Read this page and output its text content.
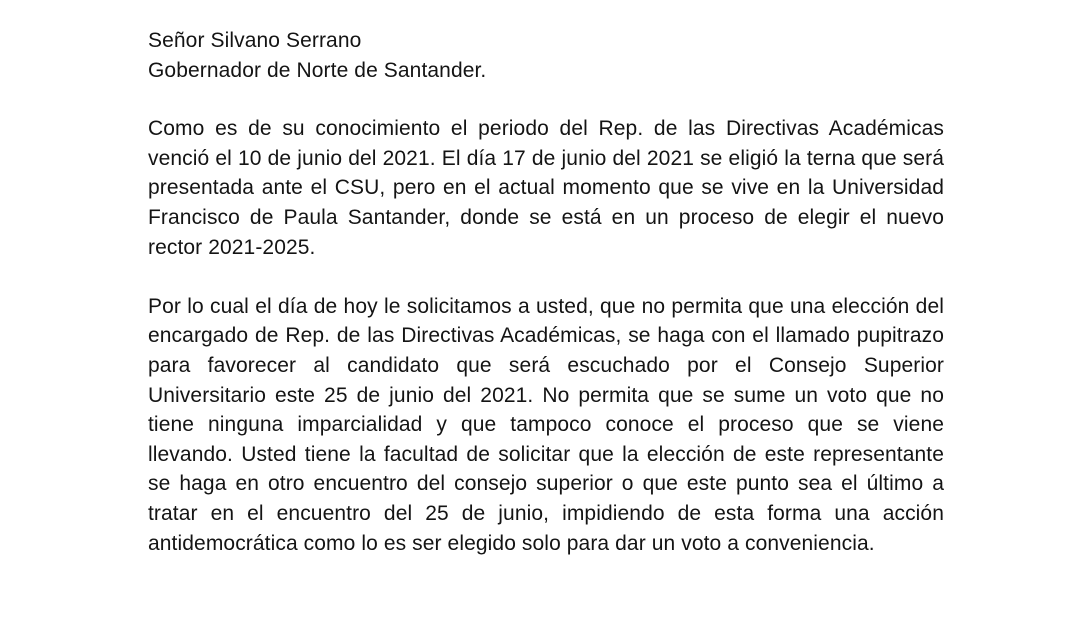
Señor Silvano Serrano
Gobernador de Norte de Santander.

Como es de su conocimiento el periodo del Rep. de las Directivas Académicas venció el 10 de junio del 2021. El día 17 de junio del 2021 se eligió la terna que será presentada ante el CSU, pero en el actual momento que se vive en la Universidad Francisco de Paula Santander, donde se está en un proceso de elegir el nuevo rector 2021-2025.

Por lo cual el día de hoy le solicitamos a usted, que no permita que una elección del encargado de Rep. de las Directivas Académicas, se haga con el llamado pupitrazo para favorecer al candidato que será escuchado por el Consejo Superior Universitario este 25 de junio del 2021. No permita que se sume un voto que no tiene ninguna imparcialidad y que tampoco conoce el proceso que se viene llevando. Usted tiene la facultad de solicitar que la elección de este representante se haga en otro encuentro del consejo superior o que este punto sea el último a tratar en el encuentro del 25 de junio, impidiendo de esta forma una acción antidemocrática como lo es ser elegido solo para dar un voto a conveniencia.
